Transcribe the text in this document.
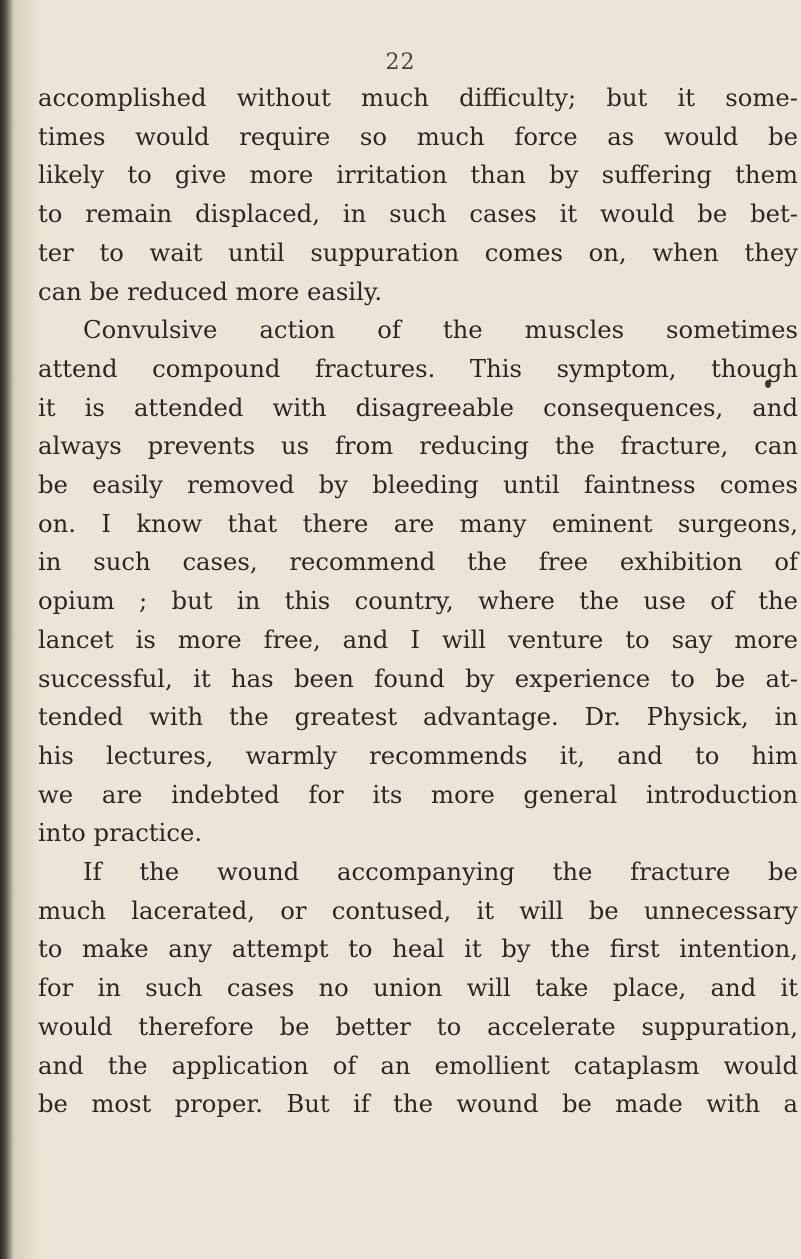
22
accomplished without much difficulty; but it some-
times would require so much force as would be
likely to give more irritation than by suffering them
to remain displaced, in such cases it would be bet-
ter to wait until suppuration comes on, when they
can be reduced more easily.
Convulsive action of the muscles sometimes
attend compound fractures. This symptom, though
it is attended with disagreeable consequences, and
always prevents us from reducing the fracture, can
be easily removed by bleeding until faintness comes
on. I know that there are many eminent surgeons,
in such cases, recommend the free exhibition of
opium ; but in this country, where the use of the
lancet is more free, and I will venture to say more
successful, it has been found by experience to be at-
tended with the greatest advantage. Dr. Physick, in
his lectures, warmly recommends it, and to him
we are indebted for its more general introduction
into practice.
If the wound accompanying the fracture be
much lacerated, or contused, it will be unnecessary
to make any attempt to heal it by the first intention,
for in such cases no union will take place, and it
would therefore be better to accelerate suppuration,
and the application of an emollient cataplasm would
be most proper. But if the wound be made with a
